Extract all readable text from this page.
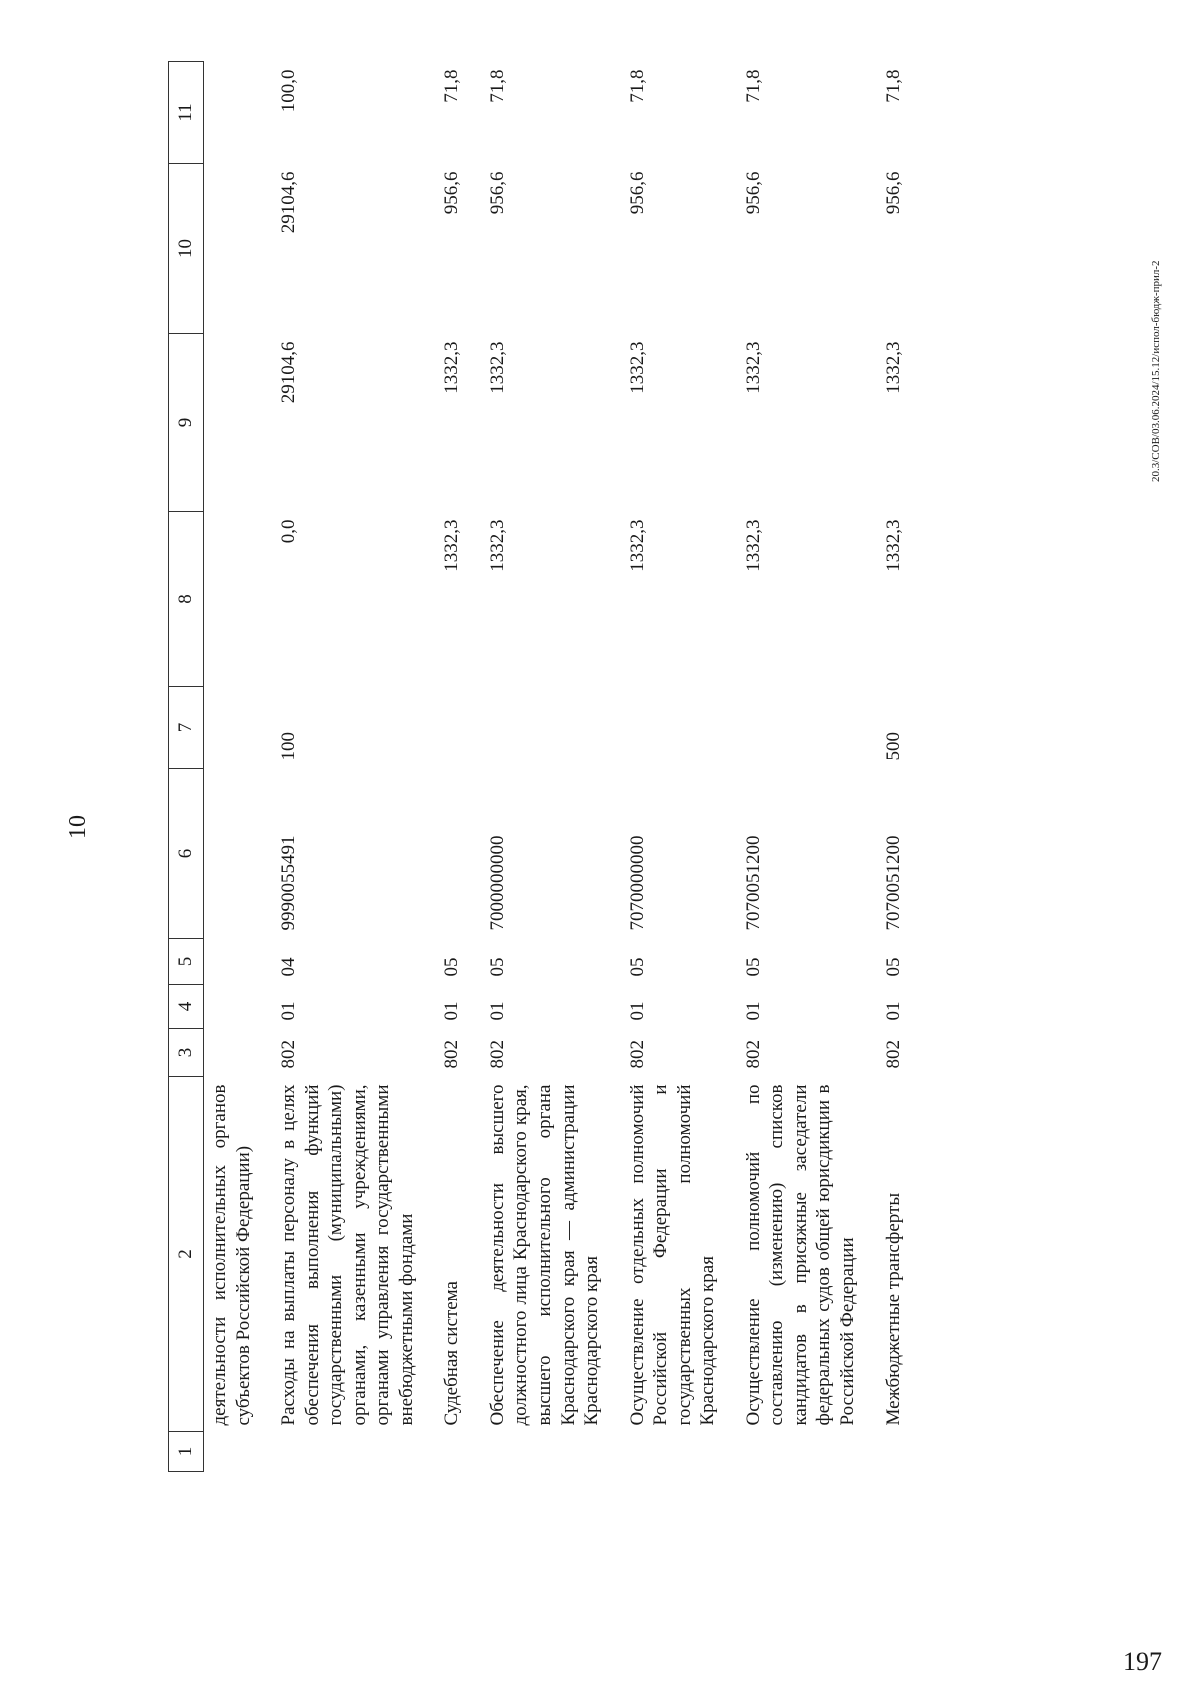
10
1	2	3	4	5	6	7	8	9	10	11
	деятельности исполнительных органов субъектов Российской Федерации)									
	Расходы на выплаты персоналу в целях обеспечения выполнения функций государственными (муниципальными) органами, казенными учреждениями, органами управления государственными внебюджетными фондами	802	01	04	9990055491	100	0,0	29104,6	29104,6	100,0
	Судебная система	802	01	05			1332,3	1332,3	956,6	71,8
	Обеспечение деятельности высшего должностного лица Краснодарского края, высшего исполнительного органа Краснодарского края — администрации Краснодарского края	802	01	05	7000000000		1332,3	1332,3	956,6	71,8
	Осуществление отдельных полномочий Российской Федерации и государственных полномочий Краснодарского края	802	01	05	7070000000		1332,3	1332,3	956,6	71,8
	Осуществление полномочий по составлению (изменению) списков кандидатов в присяжные заседатели федеральных судов общей юрисдикции в Российской Федерации	802	01	05	7070051200		1332,3	1332,3	956,6	71,8
	Межбюджетные трансферты	802	01	05	7070051200	500	1332,3	1332,3	956,6	71,8
20.3/СОВ/03.06.2024/15.12/испол-бюдж-прил-2
197
